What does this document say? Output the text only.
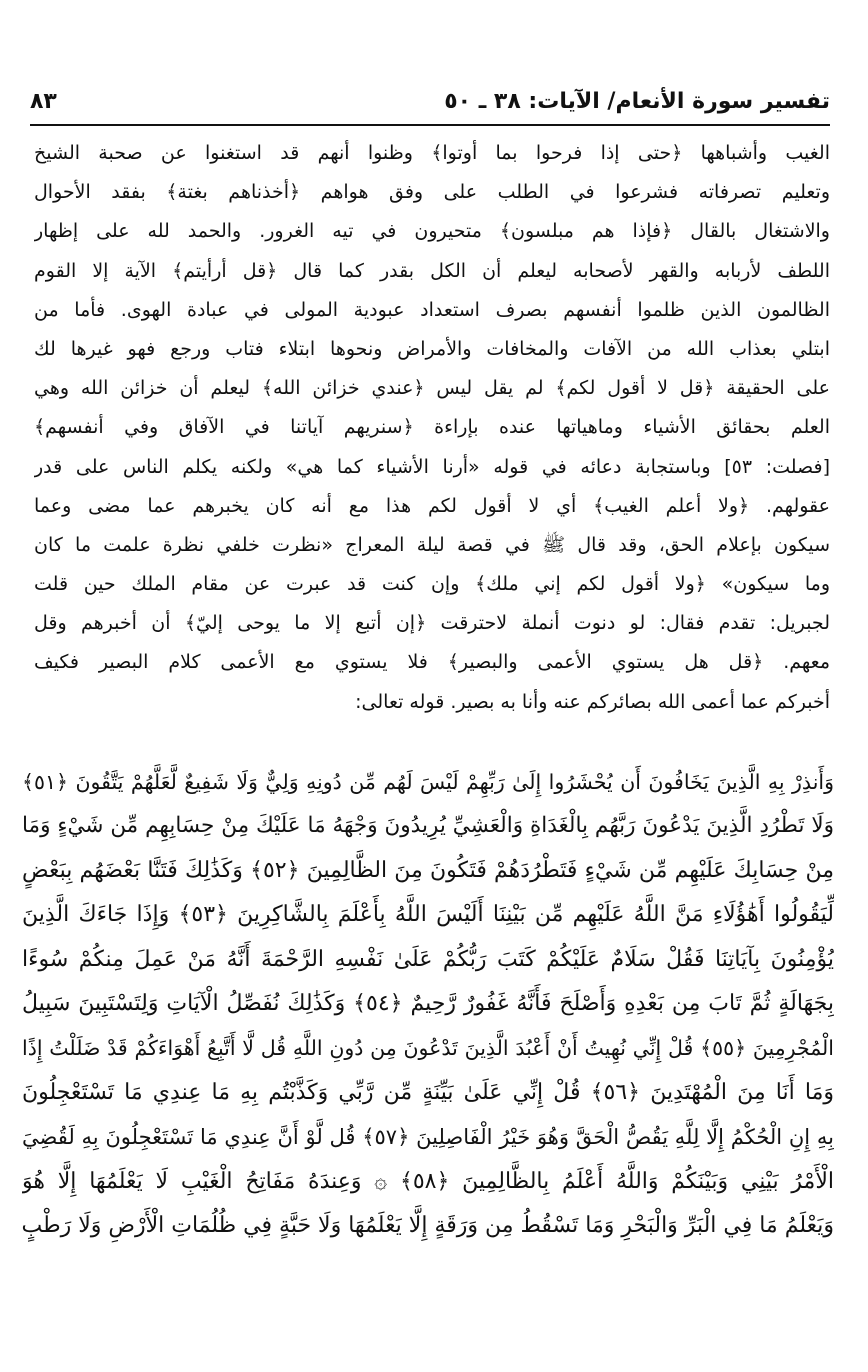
تفسير سورة الأنعام/ الآيات: ٣٨ ـ ٥٠
٨٣
الغيب وأشباهها ﴿حتى إذا فرحوا بما أوتوا﴾ وظنوا أنهم قد استغنوا عن صحبة الشيخ
وتعليم تصرفاته فشرعوا في الطلب على وفق هواهم ﴿أخذناهم بغتة﴾ بفقد الأحوال
والاشتغال بالقال ﴿فإذا هم مبلسون﴾ متحيرون في تيه الغرور. والحمد لله على إظهار
اللطف لأربابه والقهر لأصحابه ليعلم أن الكل بقدر كما قال ﴿قل أرأيتم﴾ الآية إلا القوم
الظالمون الذين ظلموا أنفسهم بصرف استعداد عبودية المولى في عبادة الهوى. فأما من
ابتلي بعذاب الله من الآفات والمخافات والأمراض ونحوها ابتلاء فتاب ورجع فهو غيرها لك
على الحقيقة ﴿قل لا أقول لكم﴾ لم يقل ليس ﴿عندي خزائن الله﴾ ليعلم أن خزائن الله وهي
العلم بحقائق الأشياء وماهياتها عنده بإراءة ﴿سنريهم آياتنا في الآفاق وفي أنفسهم﴾
[فصلت: ٥٣] وباستجابة دعائه في قوله «أرنا الأشياء كما هي» ولكنه يكلم الناس على قدر
عقولهم. ﴿ولا أعلم الغيب﴾ أي لا أقول لكم هذا مع أنه كان يخبرهم عما مضى وعما
سيكون بإعلام الحق، وقد قال ﷺ في قصة ليلة المعراج «نظرت خلفي نظرة علمت ما كان
وما سيكون» ﴿ولا أقول لكم إني ملك﴾ وإن كنت قد عبرت عن مقام الملك حين قلت
لجبريل: تقدم فقال: لو دنوت أنملة لاحترقت ﴿إن أتبع إلا ما يوحى إليّ﴾ أن أخبرهم وقل
معهم. ﴿قل هل يستوي الأعمى والبصير﴾ فلا يستوي مع الأعمى كلام البصير فكيف
أخبركم عما أعمى الله بصائركم عنه وأنا به بصير. قوله تعالى:
وَأَنذِرْ بِهِ الَّذِينَ يَخَافُونَ أَن يُحْشَرُوا إِلَىٰ رَبِّهِمْ لَيْسَ لَهُم مِّن دُونِهِ وَلِيٌّ وَلَا شَفِيعٌ لَّعَلَّهُمْ يَتَّقُونَ ﴿٥١﴾
وَلَا تَطْرُدِ الَّذِينَ يَدْعُونَ رَبَّهُم بِالْغَدَاةِ وَالْعَشِيِّ يُرِيدُونَ وَجْهَهُ مَا عَلَيْكَ مِنْ حِسَابِهِم مِّن شَيْءٍ وَمَا
مِنْ حِسَابِكَ عَلَيْهِم مِّن شَيْءٍ فَتَطْرُدَهُمْ فَتَكُونَ مِنَ الظَّالِمِينَ ﴿٥٢﴾ وَكَذَٰلِكَ فَتَنَّا بَعْضَهُم بِبَعْضٍ
لِّيَقُولُوا أَهَٰؤُلَاءِ مَنَّ اللَّهُ عَلَيْهِم مِّن بَيْنِنَا أَلَيْسَ اللَّهُ بِأَعْلَمَ بِالشَّاكِرِينَ ﴿٥٣﴾ وَإِذَا جَاءَكَ الَّذِينَ
يُؤْمِنُونَ بِآيَاتِنَا فَقُلْ سَلَامٌ عَلَيْكُمْ كَتَبَ رَبُّكُمْ عَلَىٰ نَفْسِهِ الرَّحْمَةَ أَنَّهُ مَنْ عَمِلَ مِنكُمْ سُوءًا
بِجَهَالَةٍ ثُمَّ تَابَ مِن بَعْدِهِ وَأَصْلَحَ فَأَنَّهُ غَفُورٌ رَّحِيمٌ ﴿٥٤﴾ وَكَذَٰلِكَ نُفَصِّلُ الْآيَاتِ وَلِتَسْتَبِينَ سَبِيلُ
الْمُجْرِمِينَ ﴿٥٥﴾ قُلْ إِنِّي نُهِيتُ أَنْ أَعْبُدَ الَّذِينَ تَدْعُونَ مِن دُونِ اللَّهِ قُل لَّا أَتَّبِعُ أَهْوَاءَكُمْ قَدْ ضَلَلْتُ إِذًا
وَمَا أَنَا مِنَ الْمُهْتَدِينَ ﴿٥٦﴾ قُلْ إِنِّي عَلَىٰ بَيِّنَةٍ مِّن رَّبِّي وَكَذَّبْتُم بِهِ مَا عِندِي مَا تَسْتَعْجِلُونَ
بِهِ إِنِ الْحُكْمُ إِلَّا لِلَّهِ يَقُصُّ الْحَقَّ وَهُوَ خَيْرُ الْفَاصِلِينَ ﴿٥٧﴾ قُل لَّوْ أَنَّ عِندِي مَا تَسْتَعْجِلُونَ بِهِ لَقُضِيَ
الْأَمْرُ بَيْنِي وَبَيْنَكُمْ وَاللَّهُ أَعْلَمُ بِالظَّالِمِينَ ﴿٥٨﴾ ۞ وَعِندَهُ مَفَاتِحُ الْغَيْبِ لَا يَعْلَمُهَا إِلَّا هُوَ
وَيَعْلَمُ مَا فِي الْبَرِّ وَالْبَحْرِ وَمَا تَسْقُطُ مِن وَرَقَةٍ إِلَّا يَعْلَمُهَا وَلَا حَبَّةٍ فِي ظُلُمَاتِ الْأَرْضِ وَلَا رَطْبٍ
